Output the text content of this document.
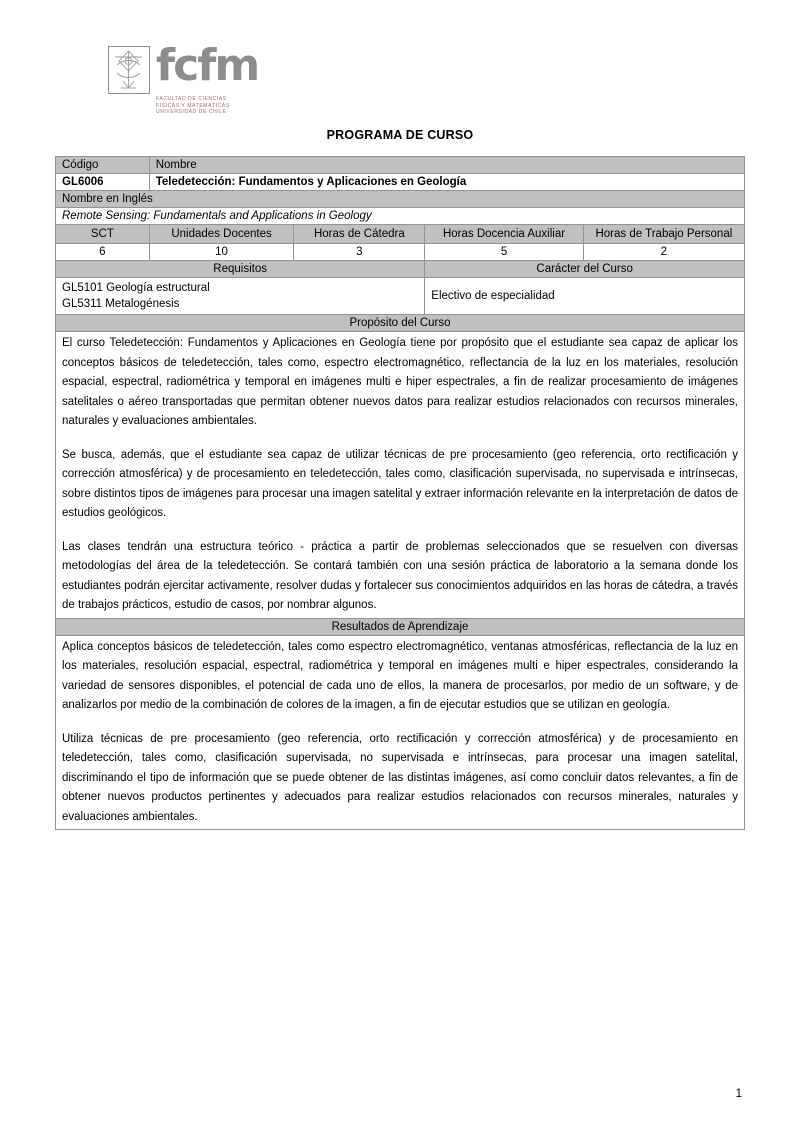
fcfm
FACULTAD DE CIENCIAS
FÍSICAS Y MATEMÁTICAS
UNIVERSIDAD DE CHILE
PROGRAMA DE CURSO
Código	Nombre			
GL6006	Teledetección: Fundamentos y Aplicaciones en Geología			
Nombre en Inglés				
Remote Sensing: Fundamentals and Applications in Geology				
SCT	Unidades Docentes	Horas de Cátedra	Horas Docencia Auxiliar	Horas de Trabajo Personal
6	10	3	5	2
Requisitos			Carácter del Curso	

GL5101 Geología estructural
GL5311 Metalogénesis			Electivo de especialidad	
Propósito del Curso				

El curso Teledetección: Fundamentos y Aplicaciones en Geología tiene por propósito que el estudiante sea capaz de aplicar los conceptos básicos de teledetección, tales como, espectro electromagnético, reflectancia de la luz en los materiales, resolución espacial, espectral, radiométrica y temporal en imágenes multi e hiper espectrales, a fin de realizar procesamiento de imágenes satelitales o aéreo transportadas que permitan obtener nuevos datos para realizar estudios relacionados con recursos minerales, naturales y evaluaciones ambientales.

Se busca, además, que el estudiante sea capaz de utilizar técnicas de pre procesamiento (geo referencia, orto rectificación y corrección atmosférica) y de procesamiento en teledetección, tales como, clasificación supervisada, no supervisada e intrínsecas, sobre distintos tipos de imágenes para procesar una imagen satelital y extraer información relevante en la interpretación de datos de estudios geológicos.

Las clases tendrán una estructura teórico - práctica a partir de problemas seleccionados que se resuelven con diversas metodologías del área de la teledetección. Se contará también con una sesión práctica de laboratorio a la semana donde los estudiantes podrán ejercitar activamente, resolver dudas y fortalecer sus conocimientos adquiridos en las horas de cátedra, a través de trabajos prácticos, estudio de casos, por nombrar algunos.				

Resultados de Aprendizaje				

Aplica conceptos básicos de teledetección, tales como espectro electromagnético, ventanas atmosféricas, reflectancia de la luz en los materiales, resolución espacial, espectral, radiométrica y temporal en imágenes multi e hiper espectrales, considerando la variedad de sensores disponibles, el potencial de cada uno de ellos, la manera de procesarlos, por medio de un software, y de analizarlos por medio de la combinación de colores de la imagen, a fin de ejecutar estudios que se utilizan en geología.

Utiliza técnicas de pre procesamiento (geo referencia, orto rectificación y corrección atmosférica) y de procesamiento en teledetección, tales como, clasificación supervisada, no supervisada e intrínsecas, para procesar una imagen satelital, discriminando el tipo de información que se puede obtener de las distintas imágenes, así como concluir datos relevantes, a fin de obtener nuevos productos pertinentes y adecuados para realizar estudios relacionados con recursos minerales, naturales y evaluaciones ambientales.				

1
